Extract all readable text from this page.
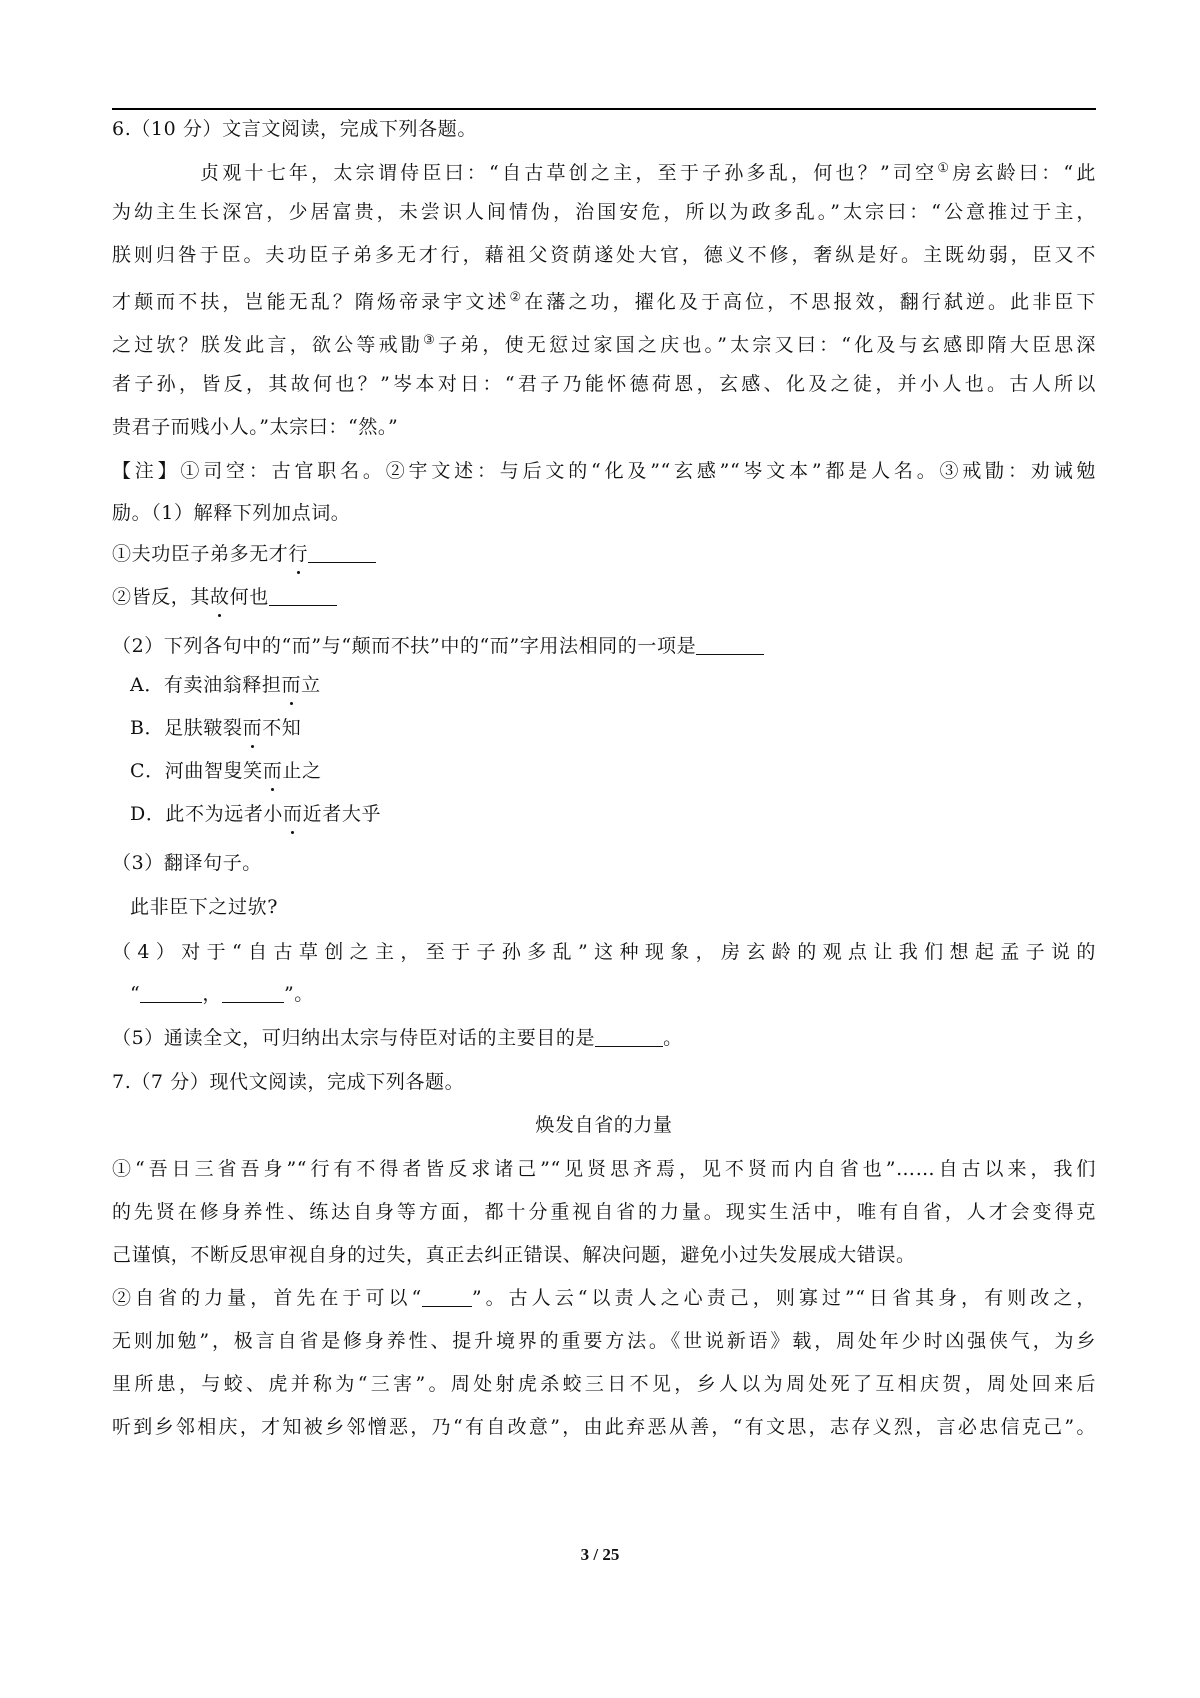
6.（10 分）文言文阅读，完成下列各题。
贞观十七年，太宗谓侍臣曰：“自古草创之主，至于子孙多乱，何也？”司空①房玄龄曰：“此
为幼主生长深宫，少居富贵，未尝识人间情伪，治国安危，所以为政多乱。”太宗曰：“公意推过于主，
朕则归咎于臣。夫功臣子弟多无才行，藉祖父资荫遂处大官，德义不修，奢纵是好。主既幼弱，臣又不
才颠而不扶，岂能无乱？隋炀帝录宇文述②在藩之功，擢化及于高位，不思报效，翻行弑逆。此非臣下
之过欤？朕发此言，欲公等戒勖③子弟，使无愆过家国之庆也。”太宗又曰：“化及与玄感即隋大臣思深
者子孙，皆反，其故何也？”岑本对日：“君子乃能怀德荷恩，玄感、化及之徒，并小人也。古人所以
贵君子而贱小人。”太宗曰：“然。”
【注】①司空：古官职名。②宇文述：与后文的“化及”“玄感”“岑文本”都是人名。③戒勖：劝诫勉
励。（1）解释下列加点词。
①夫功臣子弟多无才行
②皆反，其故何也
（2）下列各句中的“而”与“颠而不扶”中的“而”字用法相同的一项是
A．有卖油翁释担而立
B．足肤皲裂而不知
C．河曲智叟笑而止之
D．此不为远者小而近者大乎
（3）翻译句子。
此非臣下之过欤?
（4）对于“自古草创之主，至于子孙多乱”这种现象，房玄龄的观点让我们想起孟子说的
“	，	”。
（5）通读全文，可归纳出太宗与侍臣对话的主要目的是	。
7.（7 分）现代文阅读，完成下列各题。
焕发自省的力量
①“吾日三省吾身”“行有不得者皆反求诸己”“见贤思齐焉，见不贤而内自省也”……自古以来，我们
的先贤在修身养性、练达自身等方面，都十分重视自省的力量。现实生活中，唯有自省，人才会变得克
己谨慎，不断反思审视自身的过失，真正去纠正错误、解决问题，避免小过失发展成大错误。
②自省的力量，首先在于可以“	”。古人云“以责人之心责己，则寡过”“日省其身，有则改之，
无则加勉”，极言自省是修身养性、提升境界的重要方法。《世说新语》载，周处年少时凶强侠气，为乡
里所患，与蛟、虎并称为“三害”。周处射虎杀蛟三日不见，乡人以为周处死了互相庆贺，周处回来后
听到乡邻相庆，才知被乡邻憎恶，乃“有自改意”，由此弃恶从善，“有文思，志存义烈，言必忠信克己”。
3 / 25
